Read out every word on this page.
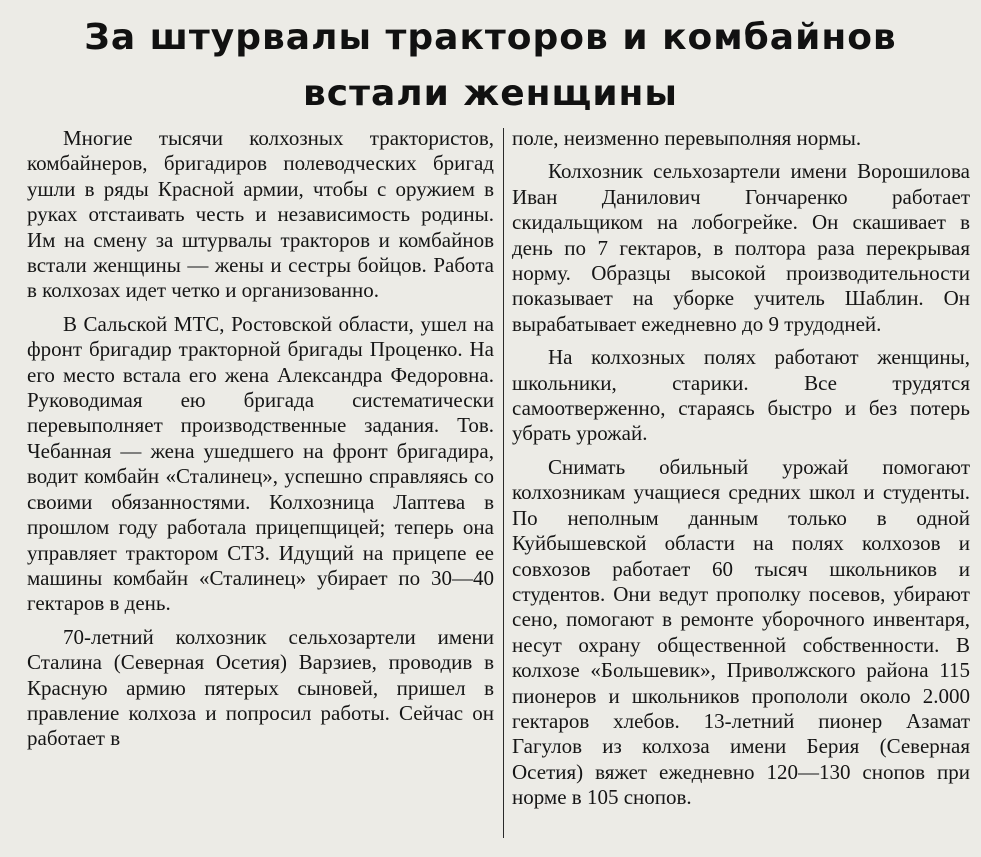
За штурвалы тракторов и комбайнов
встали женщины

Многие тысячи колхозных трактористов, комбайнеров, бригадиров полеводческих бригад ушли в ряды Красной армии, чтобы с оружием в руках отстаивать честь и независимость родины. Им на смену за штурвалы тракторов и комбайнов встали женщины — жены и сестры бойцов. Работа в колхозах идет четко и организованно.

В Сальской МТС, Ростовской области, ушел на фронт бригадир тракторной бригады Проценко. На его место встала его жена Александра Федоровна. Руководимая ею бригада систематически перевыполняет производственные задания. Тов. Чебанная — жена ушедшего на фронт бригадира, водит комбайн «Сталинец», успешно справляясь со своими обязанностями. Колхозница Лаптева в прошлом году работала прицепщицей; теперь она управляет трактором СТЗ. Идущий на прицепе ее машины комбайн «Сталинец» убирает по 30—40 гектаров в день.

70-летний колхозник сельхозартели имени Сталина (Северная Осетия) Варзиев, проводив в Красную армию пятерых сыновей, пришел в правление колхоза и попросил работы. Сейчас он работает в

поле, неизменно перевыполняя нормы.

Колхозник сельхозартели имени Ворошилова Иван Данилович Гончаренко работает скидальщиком на лобогрейке. Он скашивает в день по 7 гектаров, в полтора раза перекрывая норму. Образцы высокой производительности показывает на уборке учитель Шаблин. Он вырабатывает ежедневно до 9 трудодней.

На колхозных полях работают женщины, школьники, старики. Все трудятся самоотверженно, стараясь быстро и без потерь убрать урожай.

Снимать обильный урожай помогают колхозникам учащиеся средних школ и студенты. По неполным данным только в одной Куйбышевской области на полях колхозов и совхозов работает 60 тысяч школьников и студентов. Они ведут прополку посевов, убирают сено, помогают в ремонте уборочного инвентаря, несут охрану общественной собственности. В колхозе «Большевик», Приволжского района 115 пионеров и школьников пропололи около 2.000 гектаров хлебов. 13-летний пионер Азамат Гагулов из колхоза имени Берия (Северная Осетия) вяжет ежедневно 120—130 снопов при норме в 105 снопов.
